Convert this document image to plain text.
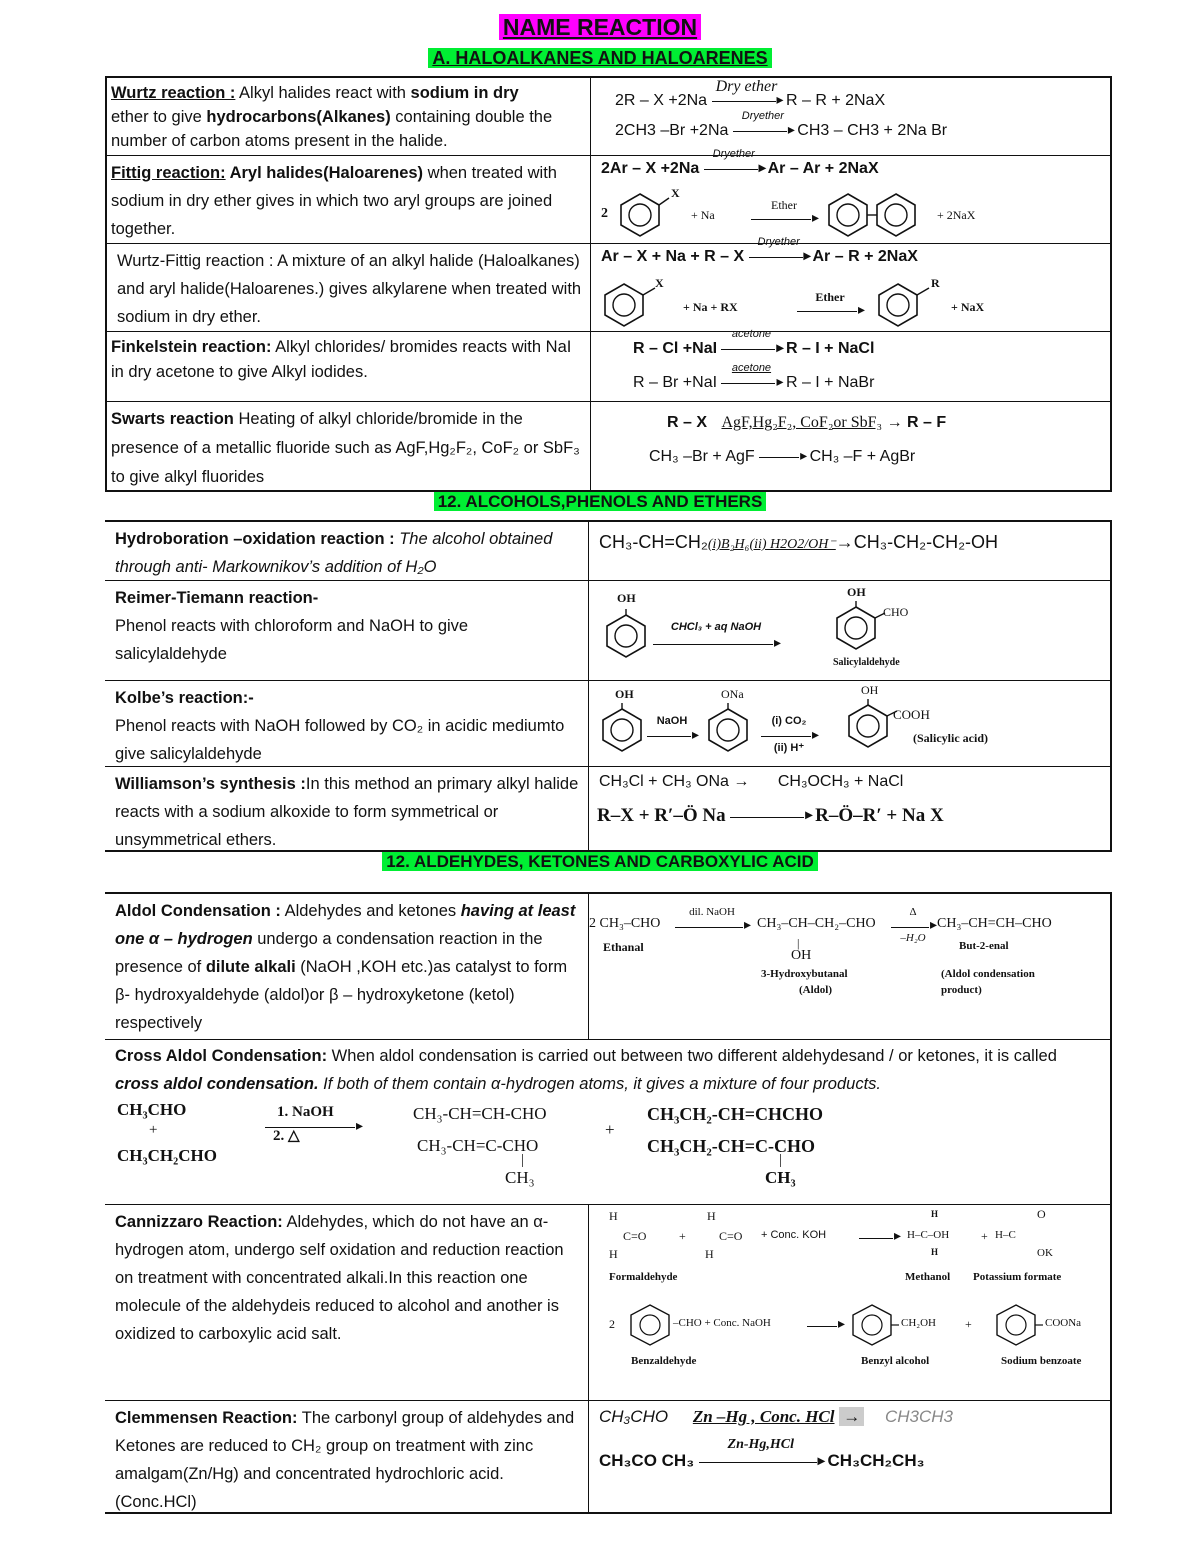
NAME REACTION
A. HALOALKANES AND HALOARENES
Wurtz reaction : Alkyl halides react with sodium in dry
ether to give hydrocarbons(Alkanes) containing double the number of carbon atoms present in the halide.
2R – X +2Na
Dry ether
▸ R – R + 2NaX
2CH3 –Br +2Na
Dryether
▸ CH3 – CH3 + 2Na Br
Fittig reaction: Aryl halides(Haloarenes) when treated with sodium in dry ether gives in which two aryl groups are joined together.
2Ar – X +2Na
Dryether
▸ Ar – Ar + 2NaX
2
X
+ Na
Ether
▸
+ 2NaX
Wurtz-Fittig reaction : A mixture of an alkyl halide (Haloalkanes) and aryl halide(Haloarenes.) gives alkylarene when treated with sodium in dry ether.
Ar – X + Na + R – X
Dryether
▸ Ar – R + 2NaX
X
+ Na + RX
Ether
▸
R
+ NaX
Finkelstein reaction: Alkyl chlorides/ bromides reacts with NaI in dry acetone to give Alkyl iodides.
R – Cl +NaI
acetone
▸ R – I + NaCl
R – Br +NaI
acetone
▸ R – I + NaBr
Swarts reaction Heating of alkyl chloride/bromide in the presence of a metallic fluoride such as AgF,Hg₂F₂, CoF₂ or SbF₃ to give alkyl fluorides
R – X AgF,Hg₂F₂, CoF₂or SbF₃ → R – F
CH₃ –Br + AgF ▸	CH₃ –F + AgBr
12. ALCOHOLS,PHENOLS AND ETHERS
Hydroboration –oxidation reaction : The alcohol obtained through anti- Markownikov’s addition of H₂O
CH₃-CH=CH₂(i)B₂H₆(ii) H2O2/OH⁻→CH₃-CH₂-CH₂-OH
Reimer-Tiemann reaction-
Phenol reacts with chloroform and NaOH to give salicylaldehyde
OH
CHCl₃ + aq NaOH
▸
OH
CHO
Salicylaldehyde
Kolbe’s reaction:-
Phenol reacts with NaOH followed by CO₂ in acidic mediumto give salicylaldehyde
OH
NaOH
▸
ONa
(i) CO₂
(ii) H⁺
▸
OH
COOH
(Salicylic acid)
Williamson’s synthesis :In this method an primary alkyl halide reacts with a sodium alkoxide to form symmetrical or unsymmetrical ethers.
CH₃Cl + CH₃ ONa → CH₃OCH₃ + NaCl
R–X + R′–Ö Na ▸	R–Ö–R′ + Na X
12. ALDEHYDES, KETONES AND CARBOXYLIC ACID
Aldol Condensation : Aldehydes and ketones having at least one α – hydrogen undergo a condensation reaction in the presence of dilute alkali (NaOH ,KOH etc.)as catalyst to form β- hydroxyaldehyde (aldol)or β – hydroxyketone (ketol) respectively
2 CH₃–CHO
Ethanal
dil. NaOH
▸
CH₃–CH–CH₂–CHO
|
OH
3-Hydroxybutanal
(Aldol)
Δ
–H₂O
▸
CH₃–CH=CH–CHO
But-2-enal
(Aldol condensation
product)
Cross Aldol Condensation: When aldol condensation is carried out between two different aldehydesand / or ketones, it is called cross aldol condensation. If both of them contain α-hydrogen atoms, it gives a mixture of four products.
CH₃CHO
+
CH₃CH₂CHO
1. NaOH
▸
2. △
CH₃-CH=CH-CHO
CH₃-CH=C-CHO
|
CH₃
+
CH₃CH₂-CH=CHCHO
CH₃CH₂-CH=C-CHO
|
CH₃
Cannizzaro Reaction: Aldehydes, which do not have an α-hydrogen atom, undergo self oxidation and reduction reaction on treatment with concentrated alkali.In this reaction one molecule of the aldehydeis reduced to alcohol and another is oxidized to carboxylic acid salt.
H
C=O
H
+
H
C=O
H
+ Conc. KOH
▸
H
H–C–OH
H
+ H–C
O
OK
Formaldehyde	Methanol Potassium formate
2	–CHO + Conc. NaOH ▸	CH₂OH +	COONa
Benzaldehyde	Benzyl alcohol	Sodium benzoate
Clemmensen Reaction: The carbonyl group of aldehydes and Ketones are reduced to CH₂ group on treatment with zinc amalgam(Zn/Hg) and concentrated hydrochloric acid.(Conc.HCl)
CH₃CHO Zn –Hg , Conc. HCl → CH3CH3
CH₃CO CH₃
Zn-Hg,HCl
▸ CH₃CH₂CH₃
